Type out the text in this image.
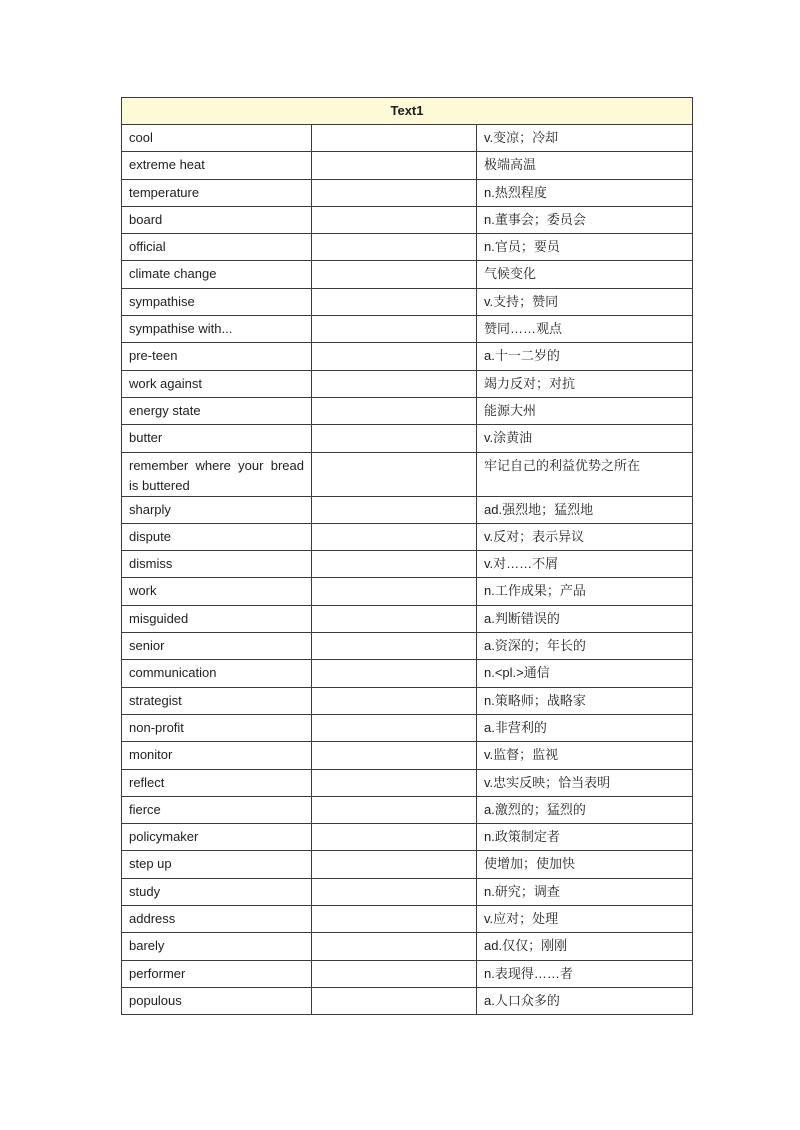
Text1		
cool		v.变凉；冷却
extreme heat		极端高温
temperature		n.热烈程度
board		n.董事会；委员会
official		n.官员；要员
climate change		气候变化
sympathise		v.支持；赞同
sympathise with...		赞同……观点
pre-teen		a.十一二岁的
work against		竭力反对；对抗
energy state		能源大州
butter		v.涂黄油
remember where your bread is buttered		牢记自己的利益优势之所在
sharply		ad.强烈地；猛烈地
dispute		v.反对；表示异议
dismiss		v.对……不屑
work		n.工作成果；产品
misguided		a.判断错误的
senior		a.资深的；年长的
communication		n.<pl.>通信
strategist		n.策略师；战略家
non-profit		a.非营利的
monitor		v.监督；监视
reflect		v.忠实反映；恰当表明
fierce		a.激烈的；猛烈的
policymaker		n.政策制定者
step up		使增加；使加快
study		n.研究；调查
address		v.应对；处理
barely		ad.仅仅；刚刚
performer		n.表现得……者
populous		a.人口众多的
